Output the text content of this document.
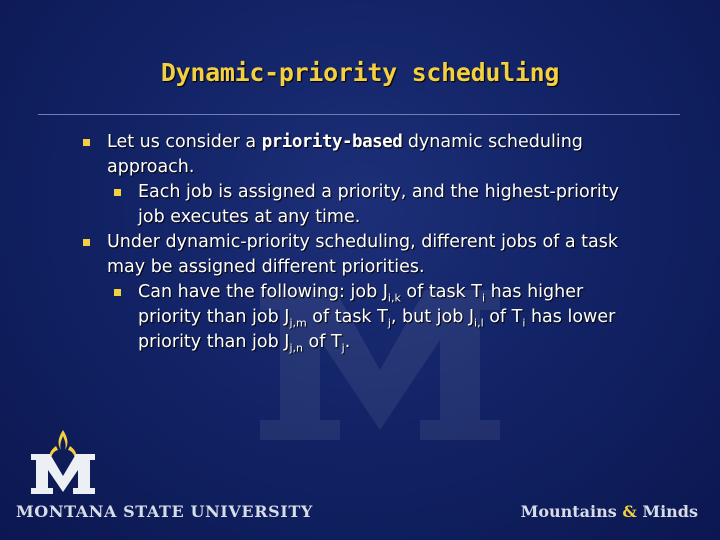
Dynamic-priority scheduling
Let us consider a priority-based dynamic scheduling approach.
Each job is assigned a priority, and the highest-priority job executes at any time.
Under dynamic-priority scheduling, different jobs of a task may be assigned different priorities.
Can have the following: job $J_{i,k}$ of task $T_i$ has higher priority than job $J_{j,m}$ of task $T_j$, but job $J_{i,l}$ of $T_i$ has lower priority than job $J_{j,n}$ of $T_j$.
MONTANA STATE UNIVERSITY	Mountains & Minds
